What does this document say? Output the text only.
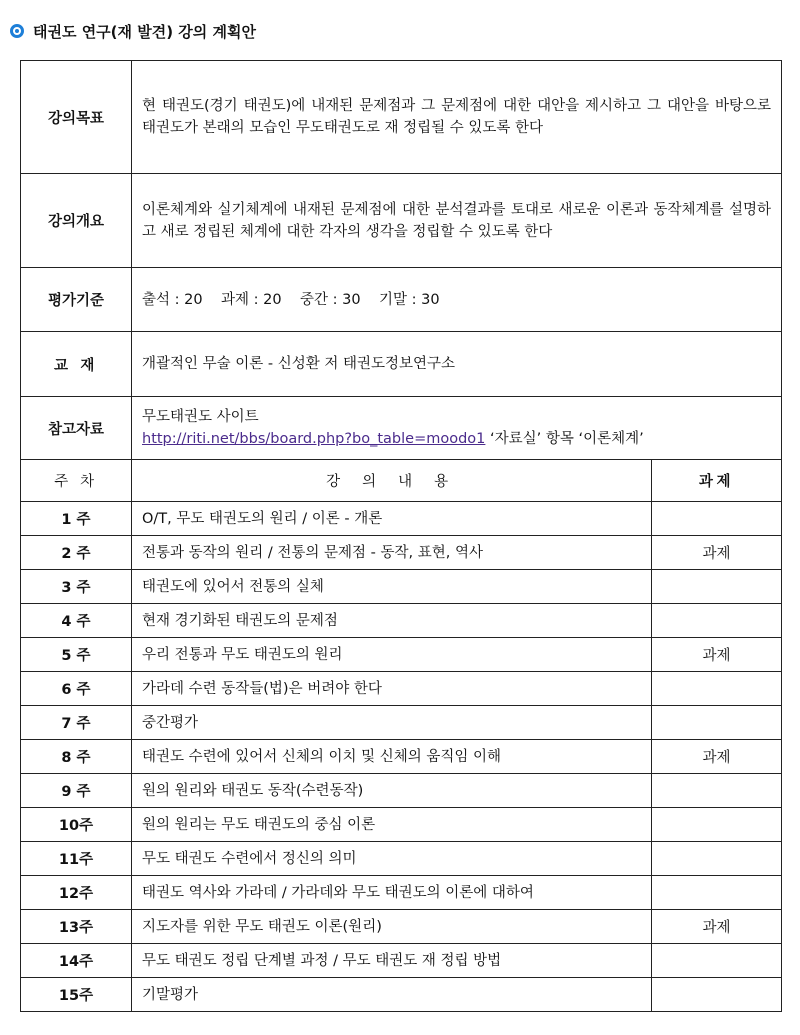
태권도 연구(재 발견) 강의 계획안
강의목표	현 태권도(경기 태권도)에 내재된 문제점과 그 문제점에 대한 대안을 제시하고 그 대안을 바탕으로 태권도가 본래의 모습인 무도태권도로 재 정립될 수 있도록 한다	
강의개요	이론체계와 실기체계에 내재된 문제점에 대한 분석결과를 토대로 새로운 이론과 동작체계를 설명하고 새로 정립된 체계에 대한 각자의 생각을 정립할 수 있도록 한다	
평가기준	출석 : 20    과제 : 20    중간 : 30    기말 : 30	
교 재	개괄적인 무술 이론 - 신성환 저 태권도정보연구소	
참고자료	무도태권도 사이트
http://riti.net/bbs/board.php?bo_table=moodo1 ‘자료실’ 항목 ‘이론체계’	

주 차	강 의 내 용	과제
1 주	O/T, 무도 태권도의 원리 / 이론 - 개론	
2 주	전통과 동작의 원리 / 전통의 문제점 - 동작, 표현, 역사	과제
3 주	태권도에 있어서 전통의 실체	
4 주	현재 경기화된 태권도의 문제점	
5 주	우리 전통과 무도 태권도의 원리	과제
6 주	가라데 수련 동작들(법)은 버려야 한다	
7 주	중간평가	
8 주	태권도 수련에 있어서 신체의 이치 및 신체의 움직임 이해	과제
9 주	원의 원리와 태권도 동작(수련동작)	
10주	원의 원리는 무도 태권도의 중심 이론	
11주	무도 태권도 수련에서 정신의 의미	
12주	태권도 역사와 가라데 / 가라데와 무도 태권도의 이론에 대하여	
13주	지도자를 위한 무도 태권도 이론(원리)	과제
14주	무도 태권도 정립 단계별 과정 / 무도 태권도 재 정립 방법	
15주	기말평가	
